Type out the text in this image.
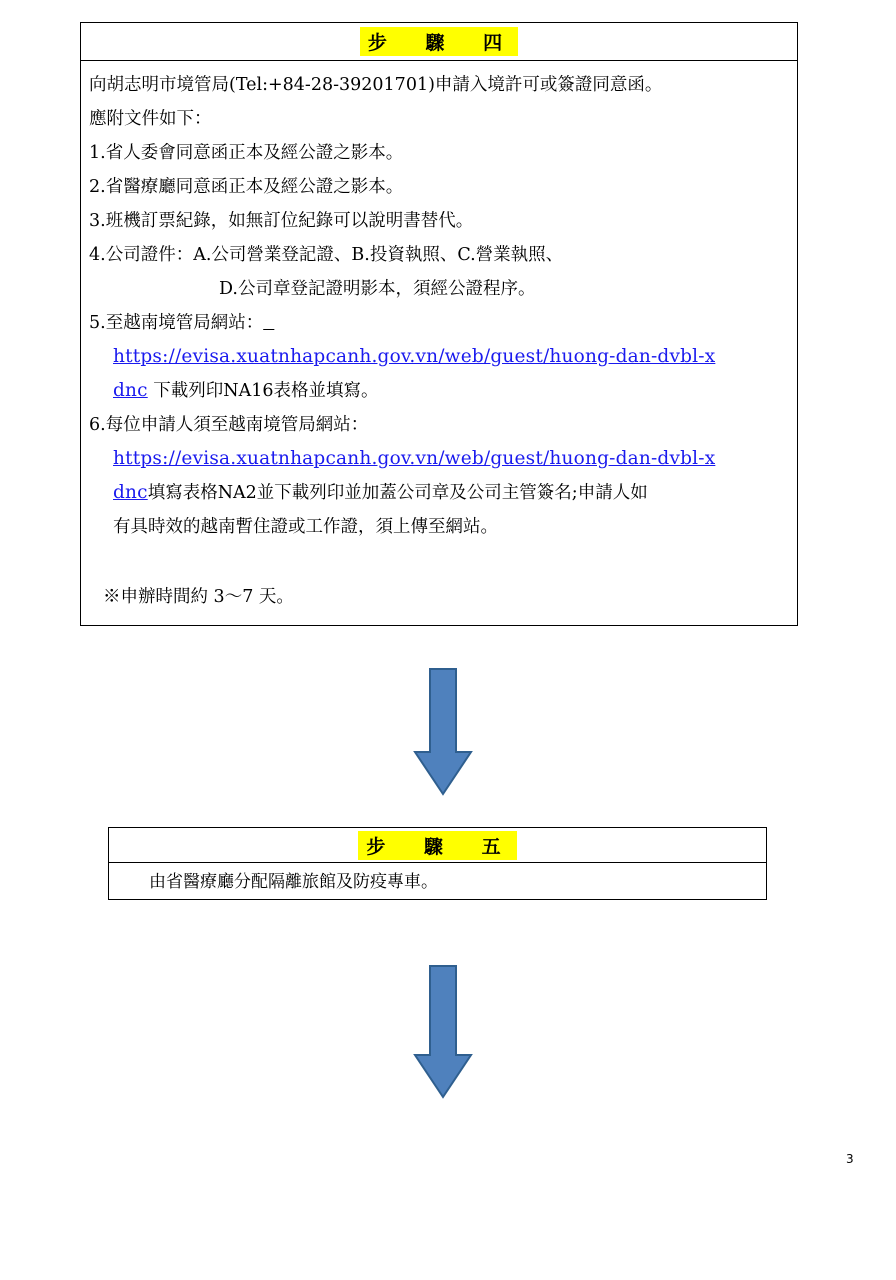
步 驟 四
向胡志明市境管局(Tel:+84-28-39201701)申請入境許可或簽證同意函。
應附文件如下：
1.省人委會同意函正本及經公證之影本。
2.省醫療廳同意函正本及經公證之影本。
3.班機訂票紀錄，如無訂位紀錄可以說明書替代。
4.公司證件：A.公司營業登記證、B.投資執照、C.營業執照、
D.公司章登記證明影本，須經公證程序。
5.至越南境管局網站：
https://evisa.xuatnhapcanh.gov.vn/web/guest/huong-dan-dvbl-x
dnc 下載列印NA16表格並填寫。
6.每位申請人須至越南境管局網站：
https://evisa.xuatnhapcanh.gov.vn/web/guest/huong-dan-dvbl-x
dnc填寫表格NA2並下載列印並加蓋公司章及公司主管簽名;申請人如
有具時效的越南暫住證或工作證，須上傳至網站。
※申辦時間約 3～7 天。
步 驟 五
由省醫療廳分配隔離旅館及防疫專車。
3
